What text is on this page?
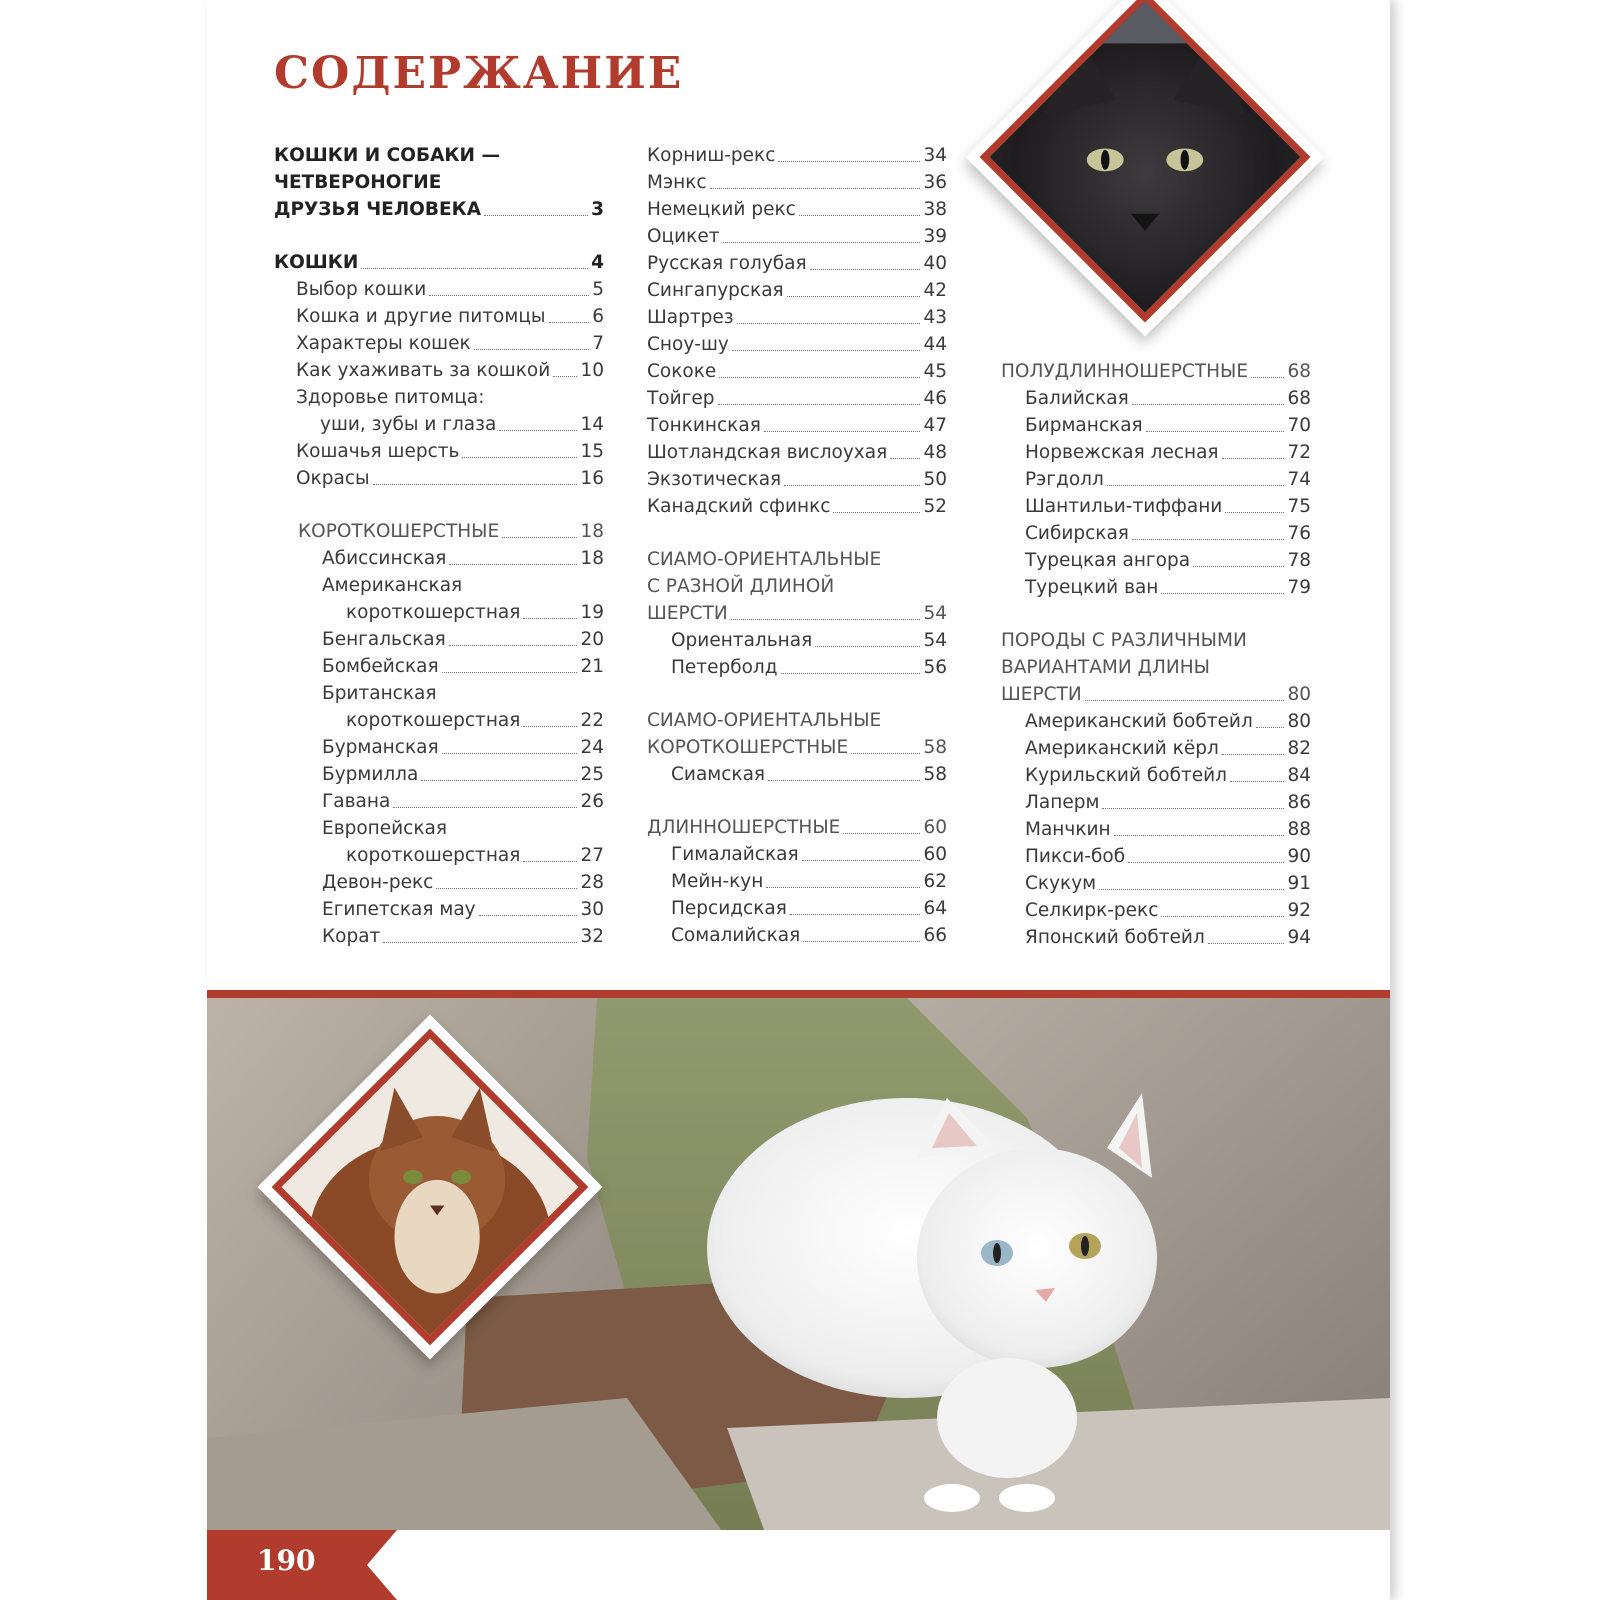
СОДЕРЖАНИЕ
КОШКИ И СОБАКИ —
ЧЕТВЕРОНОГИЕ
ДРУЗЬЯ ЧЕЛОВЕКА	3
КОШКИ	4
Выбор кошки	5
Кошка и другие питомцы	6
Характеры кошек	7
Как ухаживать за кошкой 10
Здоровье питомца:
уши, зубы и глаза	14
Кошачья шерсть	15
Окрасы	16
КОРОТКОШЕРСТНЫЕ	18
Абиссинская	18
Американская
короткошерстная	19
Бенгальская	20
Бомбейская	21
Британская
короткошерстная	22
Бурманская	24
Бурмилла	25
Гавана	26
Европейская
короткошерстная	27
Девон-рекс	28
Египетская мау	30
Корат	32
Корниш-рекс	34
Мэнкс	36
Немецкий рекс	38
Оцикет	39
Русская голубая	40
Сингапурская	42
Шартрез	43
Сноу-шу	44
Сококе	45
Тойгер	46
Тонкинская	47
Шотландская вислоухая 48
Экзотическая	50
Канадский сфинкс	52
СИАМО-ОРИЕНТАЛЬНЫЕ
С РАЗНОЙ ДЛИНОЙ
ШЕРСТИ	54
Ориентальная	54
Петерболд	56
СИАМО-ОРИЕНТАЛЬНЫЕ
КОРОТКОШЕРСТНЫЕ	58
Сиамская	58
ДЛИННОШЕРСТНЫЕ	60
Гималайская	60
Мейн-кун	62
Персидская	64
Сомалийская	66
ПОЛУДЛИННОШЕРСТНЫЕ 68
Балийская	68
Бирманская	70
Норвежская лесная	72
Рэгдолл	74
Шантильи-тиффани	75
Сибирская	76
Турецкая ангора	78
Турецкий ван	79
ПОРОДЫ С РАЗЛИЧНЫМИ
ВАРИАНТАМИ ДЛИНЫ
ШЕРСТИ	80
Американский бобтейл 80
Американский кёрл	82
Курильский бобтейл	84
Лаперм	86
Манчкин	88
Пикси-боб	90
Скукум	91
Селкирк-рекс	92
Японский бобтейл	94
190
